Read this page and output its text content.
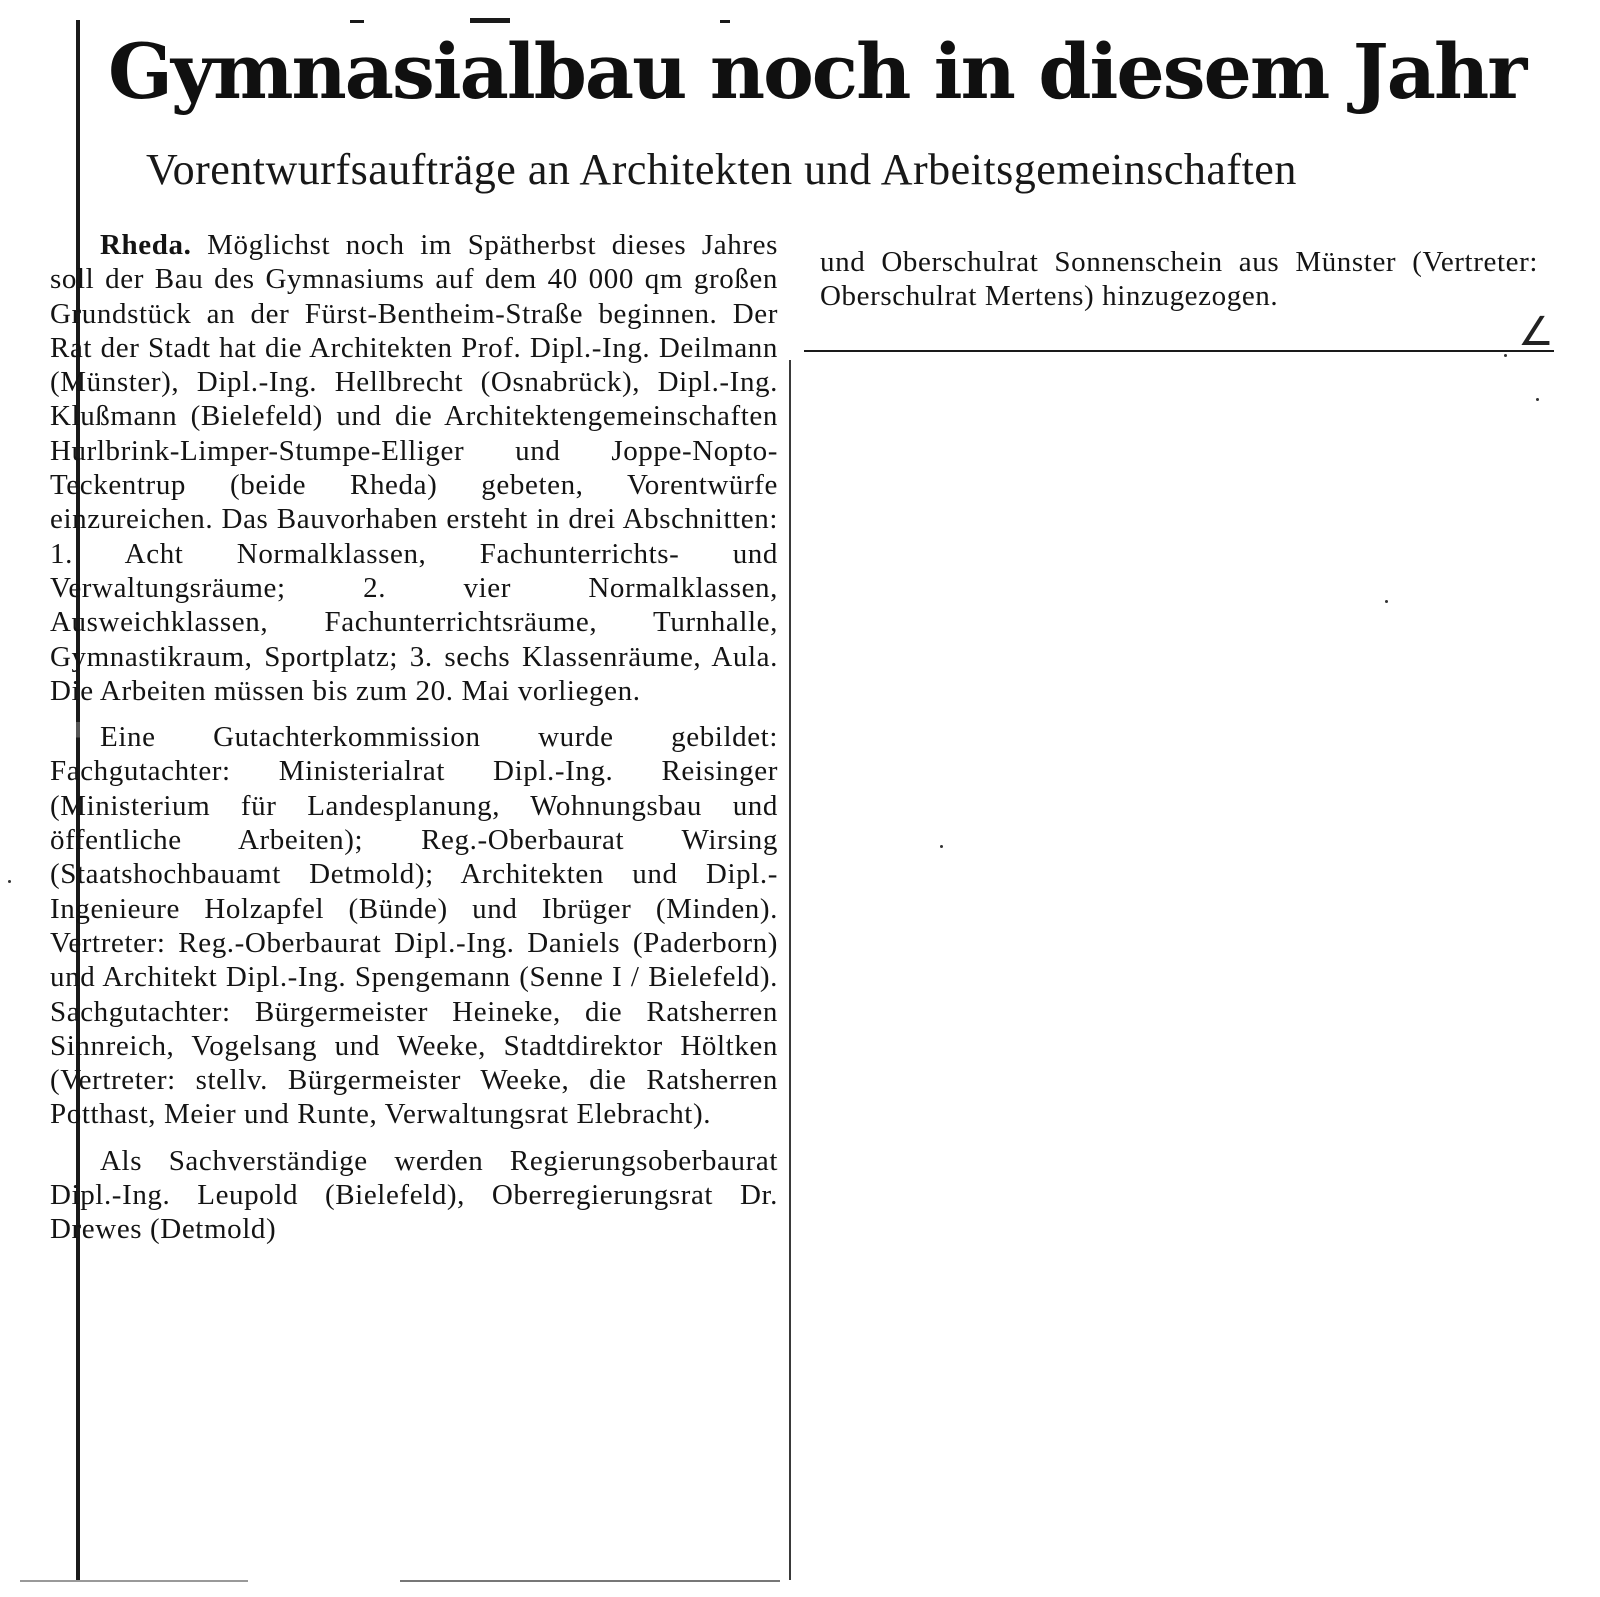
Gymnasialbau noch in diesem Jahr
Vorentwurfsaufträge an Architekten und Arbeitsgemeinschaften

Rheda. Möglichst noch im Spätherbst dieses Jahres soll der Bau des Gymnasiums auf dem 40 000 qm großen Grundstück an der Fürst-Bentheim-Straße beginnen. Der Rat der Stadt hat die Architekten Prof. Dipl.-Ing. Deilmann (Münster), Dipl.-Ing. Hellbrecht (Osnabrück), Dipl.-Ing. Klußmann (Bielefeld) und die Architektengemeinschaften Hurlbrink-Limper-Stumpe-Elliger und Joppe-Nopto-Teckentrup (beide Rheda) gebeten, Vorentwürfe einzureichen. Das Bauvorhaben ersteht in drei Abschnitten: 1. Acht Normalklassen, Fachunterrichts- und Verwaltungsräume; 2. vier Normalklassen, Ausweichklassen, Fachunterrichtsräume, Turnhalle, Gymnastikraum, Sportplatz; 3. sechs Klassenräume, Aula. Die Arbeiten müssen bis zum 20. Mai vorliegen.

Eine Gutachterkommission wurde gebildet: Fachgutachter: Ministerialrat Dipl.-Ing. Reisinger (Ministerium für Landesplanung, Wohnungsbau und öffentliche Arbeiten); Reg.-Oberbaurat Wirsing (Staatshochbauamt Detmold); Architekten und Dipl.-Ingenieure Holzapfel (Bünde) und Ibrüger (Minden). Vertreter: Reg.-Oberbaurat Dipl.-Ing. Daniels (Paderborn) und Architekt Dipl.-Ing. Spengemann (Senne I / Bielefeld). Sachgutachter: Bürgermeister Heineke, die Ratsherren Sinnreich, Vogelsang und Weeke, Stadtdirektor Höltken (Vertreter: stellv. Bürgermeister Weeke, die Ratsherren Potthast, Meier und Runte, Verwaltungsrat Elebracht).

Als Sachverständige werden Regierungsoberbaurat Dipl.-Ing. Leupold (Bielefeld), Oberregierungsrat Dr. Drewes (Detmold)

und Oberschulrat Sonnenschein aus Münster (Vertreter: Oberschulrat Mertens) hinzugezogen.

∠
